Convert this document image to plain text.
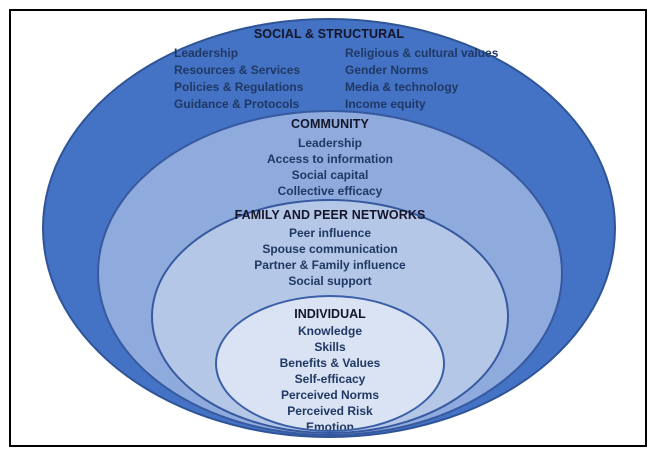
SOCIAL & STRUCTURAL
Leadership
Resources & Services
Policies & Regulations
Guidance & Protocols
Religious & cultural values
Gender Norms
Media & technology
Income equity
COMMUNITY
Leadership
Access to information
Social capital
Collective efficacy
FAMILY AND PEER NETWORKS
Peer influence
Spouse communication
Partner & Family influence
Social support
INDIVIDUAL
Knowledge
Skills
Benefits & Values
Self-efficacy
Perceived Norms
Perceived Risk
Emotion
